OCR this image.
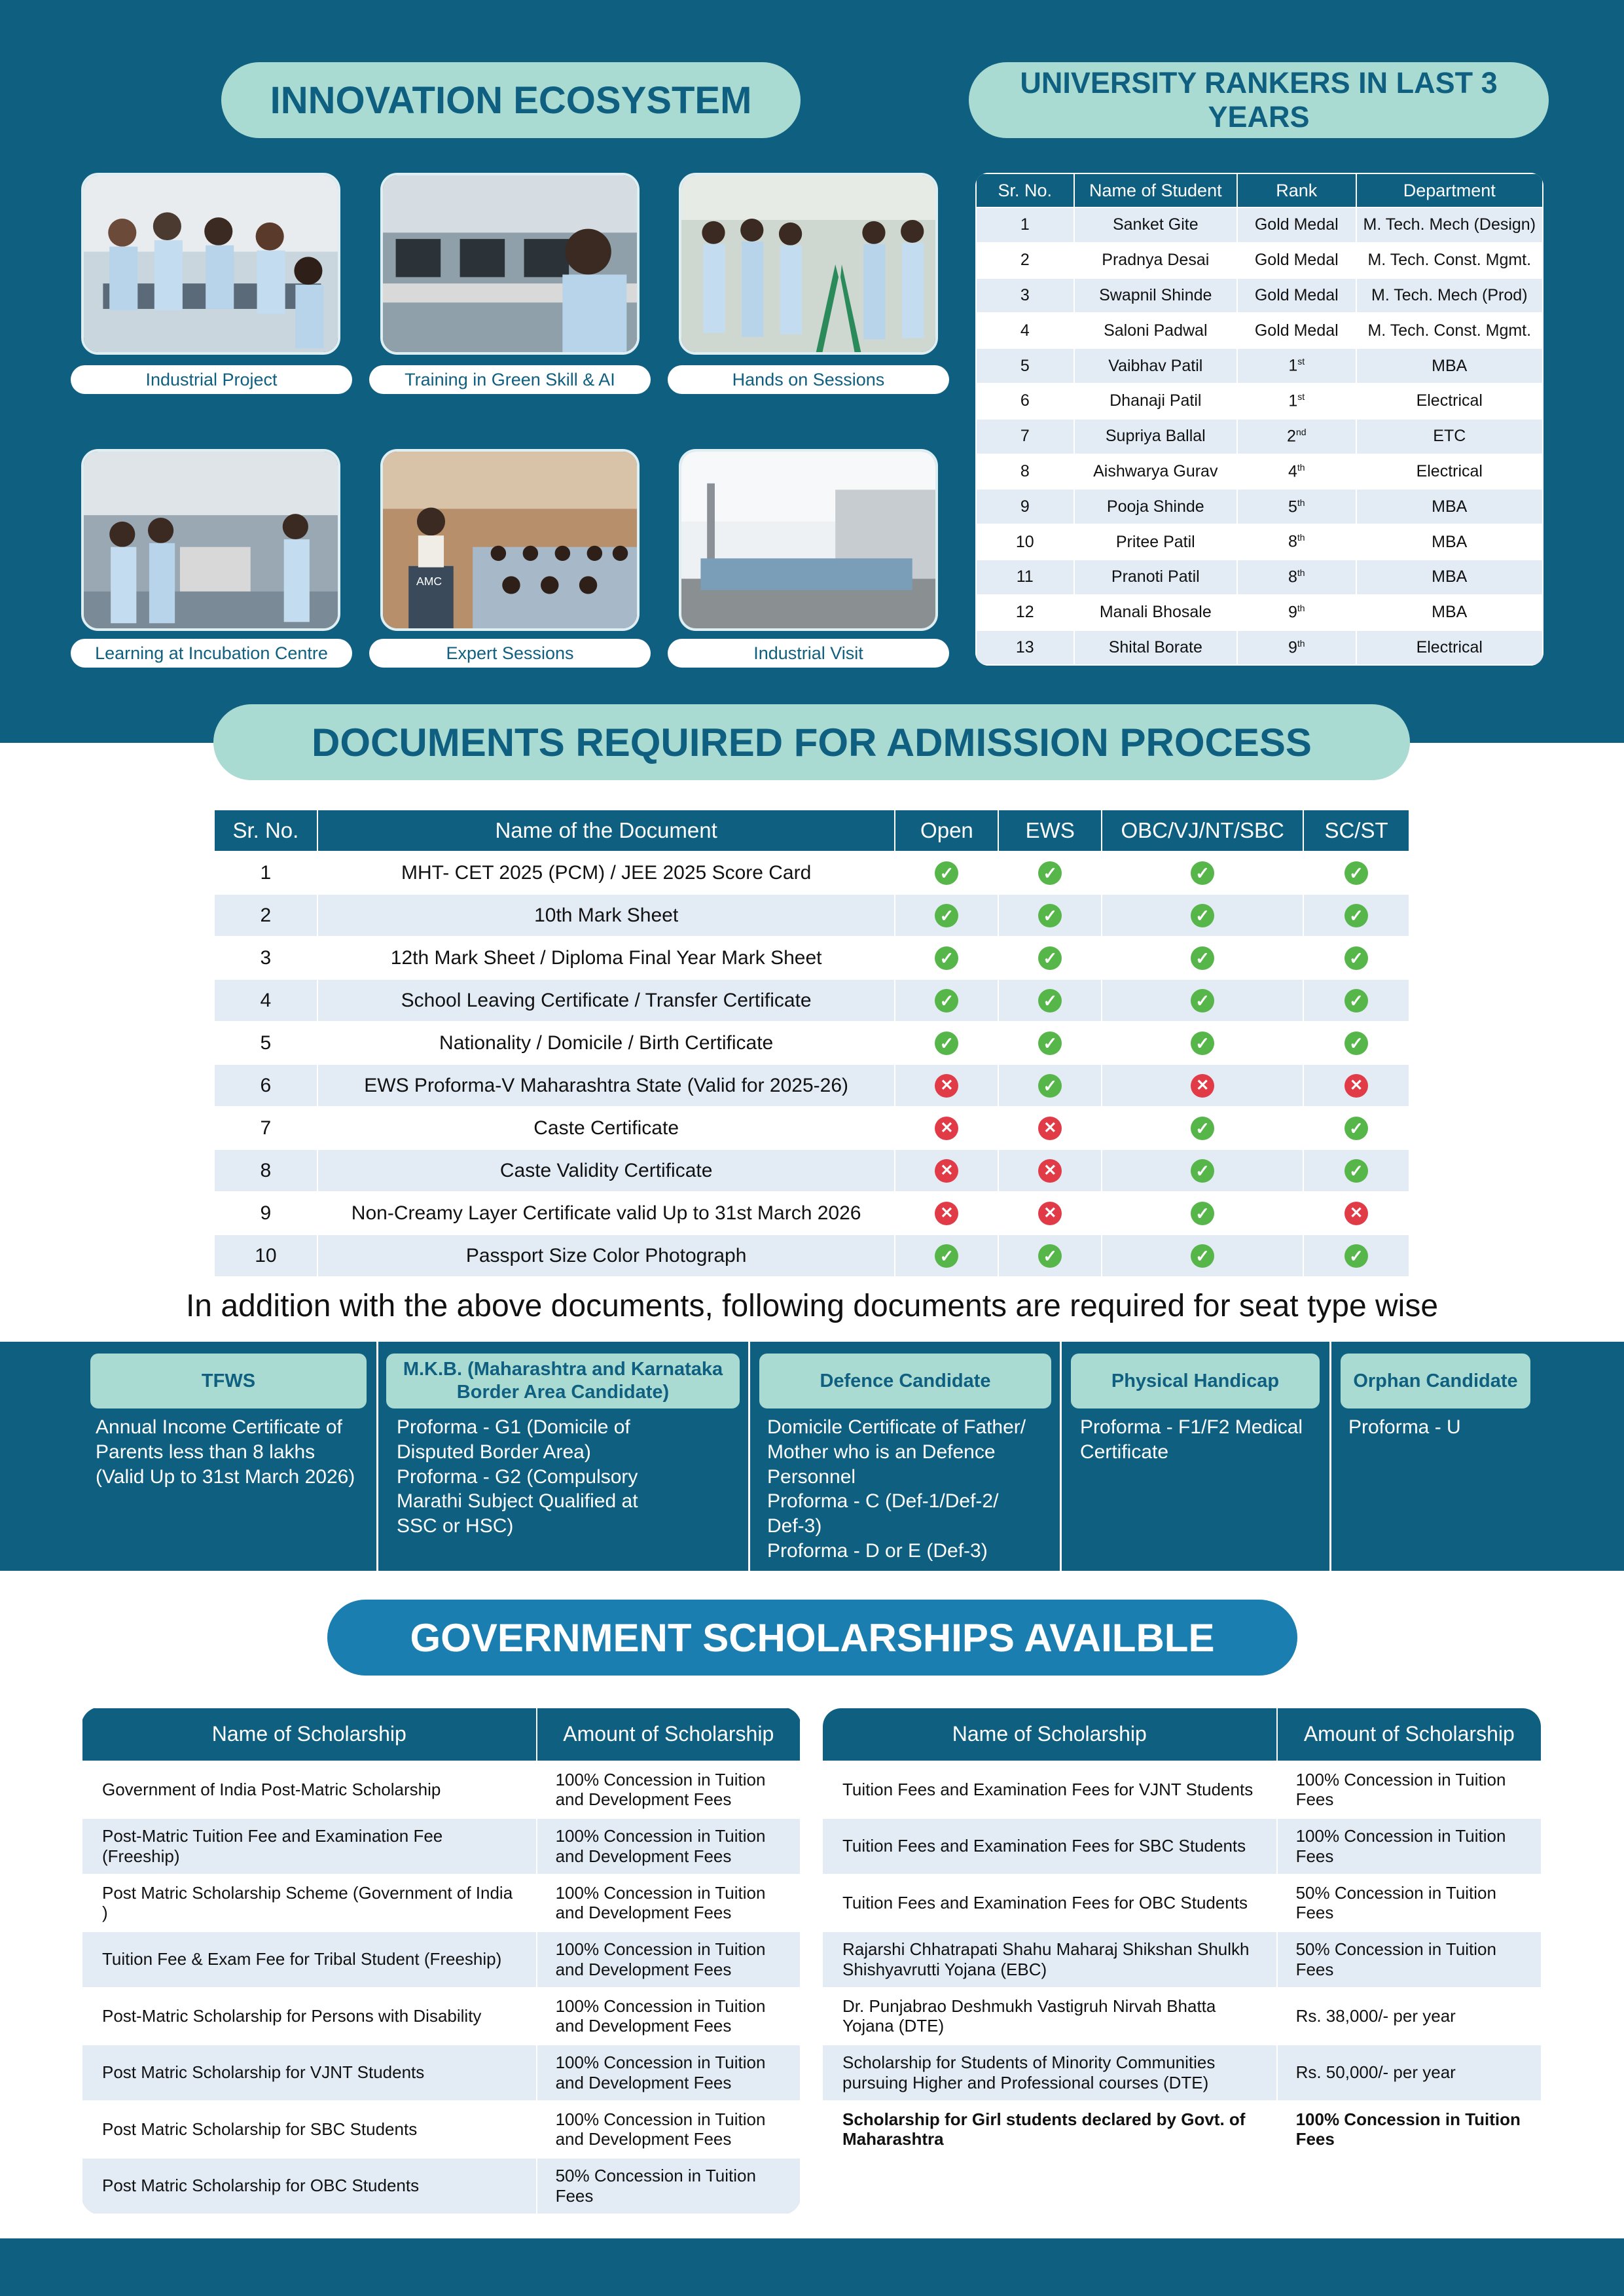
INNOVATION ECOSYSTEM
Industrial Project	Training in Green Skill & AI	Hands on Sessions
AMC
Learning at Incubation Centre	Expert Sessions	Industrial Visit
UNIVERSITY RANKERS IN LAST 3 YEARS
Sr. No.	Name of Student	Rank	Department
1	Sanket Gite	Gold Medal	M. Tech. Mech (Design)
2	Pradnya Desai	Gold Medal	M. Tech. Const. Mgmt.
3	Swapnil Shinde	Gold Medal	M. Tech. Mech (Prod)
4	Saloni Padwal	Gold Medal	M. Tech. Const. Mgmt.
5	Vaibhav Patil	1st	MBA
6	Dhanaji Patil	1st	Electrical
7	Supriya Ballal	2nd	ETC
8	Aishwarya Gurav	4th	Electrical
9	Pooja Shinde	5th	MBA
10	Pritee Patil	8th	MBA
11	Pranoti Patil	8th	MBA
12	Manali Bhosale	9th	MBA
13	Shital Borate	9th	Electrical
DOCUMENTS REQUIRED FOR ADMISSION PROCESS
Sr. No.	Name of the Document	Open	EWS	OBC/VJ/NT/SBC	SC/ST
1	MHT- CET 2025 (PCM) / JEE 2025 Score Card	✓	✓	✓	✓
2	10th Mark Sheet	✓	✓	✓	✓
3	12th Mark Sheet / Diploma Final Year Mark Sheet	✓	✓	✓	✓
4	School Leaving Certificate / Transfer Certificate	✓	✓	✓	✓
5	Nationality / Domicile / Birth Certificate	✓	✓	✓	✓
6	EWS Proforma-V Maharashtra State (Valid for 2025-26)	✕	✓	✕	✕
7	Caste Certificate	✕	✕	✓	✓
8	Caste Validity Certificate	✕	✕	✓	✓
9	Non-Creamy Layer Certificate valid Up to 31st March 2026	✕	✕	✓	✕
10	Passport Size Color Photograph	✓	✓	✓	✓
In addition with the above documents, following documents are required for seat type wise
TFWS
Annual Income Certificate of
Parents less than 8 lakhs
(Valid Up to 31st March 2026)
M.K.B. (Maharashtra and Karnataka Border Area Candidate)
Proforma - G1 (Domicile of
Disputed Border Area)
Proforma - G2 (Compulsory
Marathi Subject Qualified at
SSC or HSC)
Defence Candidate
Domicile Certificate of Father/
Mother who is an Defence
Personnel
Proforma - C (Def-1/Def-2/
Def-3)
Proforma - D or E (Def-3)
Physical Handicap
Proforma - F1/F2 Medical
Certificate
Orphan Candidate
Proforma - U
GOVERNMENT SCHOLARSHIPS AVAILBLE
Name of Scholarship	Amount of Scholarship
Government of India Post-Matric Scholarship	100% Concession in Tuition and Development Fees
Post-Matric Tuition Fee and Examination Fee (Freeship)	100% Concession in Tuition and Development Fees
Post Matric Scholarship Scheme (Government of India )	100% Concession in Tuition and Development Fees
Tuition Fee & Exam Fee for Tribal Student (Freeship)	100% Concession in Tuition and Development Fees
Post-Matric Scholarship for Persons with Disability	100% Concession in Tuition and Development Fees
Post Matric Scholarship for VJNT Students	100% Concession in Tuition and Development Fees
Post Matric Scholarship for SBC Students	100% Concession in Tuition and Development Fees
Post Matric Scholarship for OBC Students	50% Concession in Tuition Fees
Name of Scholarship	Amount of Scholarship
Tuition Fees and Examination Fees for VJNT Students	100% Concession in Tuition Fees
Tuition Fees and Examination Fees for SBC Students	100% Concession in Tuition Fees
Tuition Fees and Examination Fees for OBC Students	50% Concession in Tuition Fees
Rajarshi Chhatrapati Shahu Maharaj Shikshan Shulkh Shishyavrutti Yojana (EBC)	50% Concession in Tuition Fees
Dr. Punjabrao Deshmukh Vastigruh Nirvah Bhatta Yojana (DTE)	Rs. 38,000/- per year
Scholarship for Students of Minority Communities pursuing Higher and Professional courses (DTE)	Rs. 50,000/- per year
Scholarship for Girl students declared by Govt. of Maharashtra	100% Concession in Tuition Fees
